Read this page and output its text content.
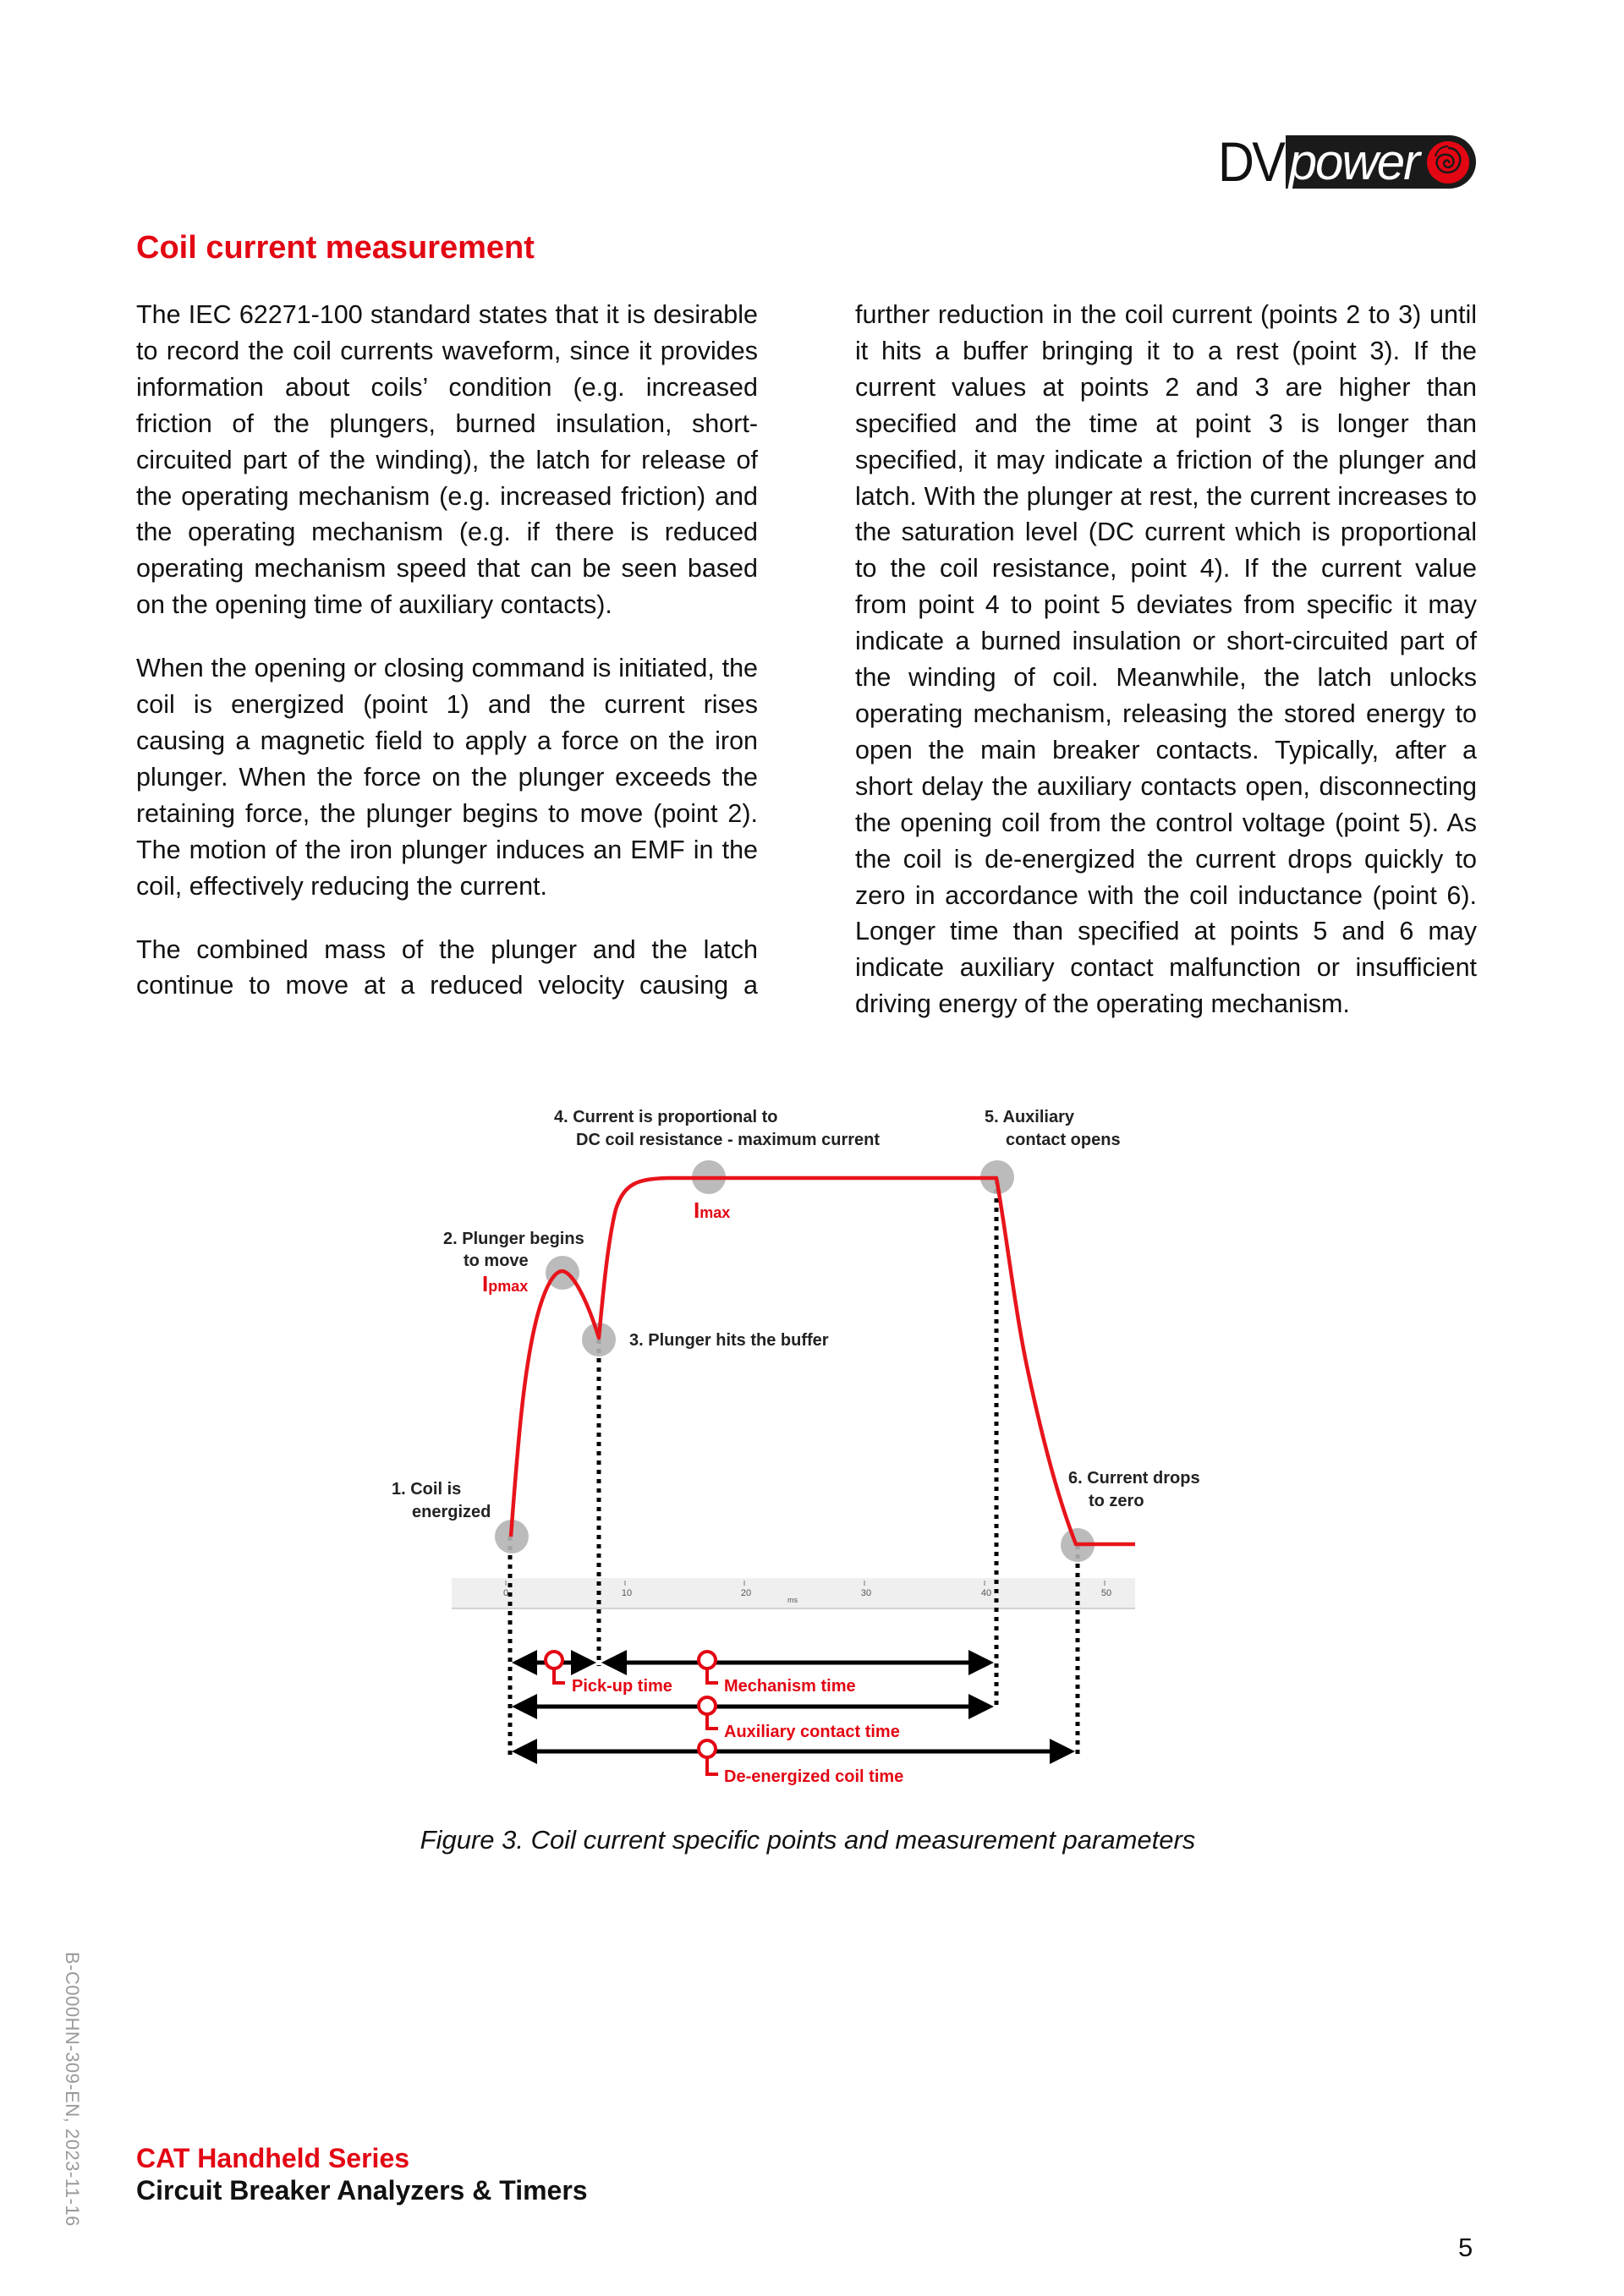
DV power
Coil current measurement

The IEC 62271-100 standard states that it is desirable to record the coil currents waveform, since it provides information about coils’ condition (e.g. increased friction of the plungers, burned insulation, short-circuited part of the winding), the latch for release of the operating mechanism (e.g. increased friction) and the operating mechanism (e.g. if there is reduced operating mechanism speed that can be seen based on the opening time of auxiliary contacts).

When the opening or closing command is initiated, the coil is energized (point 1) and the current rises causing a magnetic field to apply a force on the iron plunger. When the force on the plunger exceeds the retaining force, the plunger begins to move (point 2). The motion of the iron plunger induces an EMF in the coil, effectively reducing the current.

The combined mass of the plunger and the latch continue to move at a reduced velocity causing a

further reduction in the coil current (points 2 to 3) until it hits a buffer bringing it to a rest (point 3). If the current values at points 2 and 3 are higher than specified and the time at point 3 is longer than specified, it may indicate a friction of the plunger and latch. With the plunger at rest, the current increases to the saturation level (DC current which is proportional to the coil resistance, point 4). If the current value from point 4 to point 5 deviates from specific it may indicate a burned insulation or short-circuited part of the winding of coil. Meanwhile, the latch unlocks operating mechanism, releasing the stored energy to open the main breaker contacts. Typically, after a short delay the auxiliary contacts open, disconnecting the opening coil from the control voltage (point 5). As the coil is de-energized the current drops quickly to zero in accordance with the coil inductance (point 6). Longer time than specified at points 5 and 6 may indicate auxiliary contact malfunction or insufficient driving energy of the operating mechanism.

0	10	20	30	40	50
ms
1. Coil is
energized
2. Plunger begins
to move
Ipmax
3. Plunger hits the buffer
4. Current is proportional to
DC coil resistance - maximum current
Imax
5. Auxiliary
contact opens
6. Current drops
to zero
Pick-up time	Mechanism time
Auxiliary contact time
De-energized coil time
Figure 3. Coil current specific points and measurement parameters
B-C000HN-309-EN, 2023-11-16 CAT Handheld Series
Circuit Breaker Analyzers & Timers
5
